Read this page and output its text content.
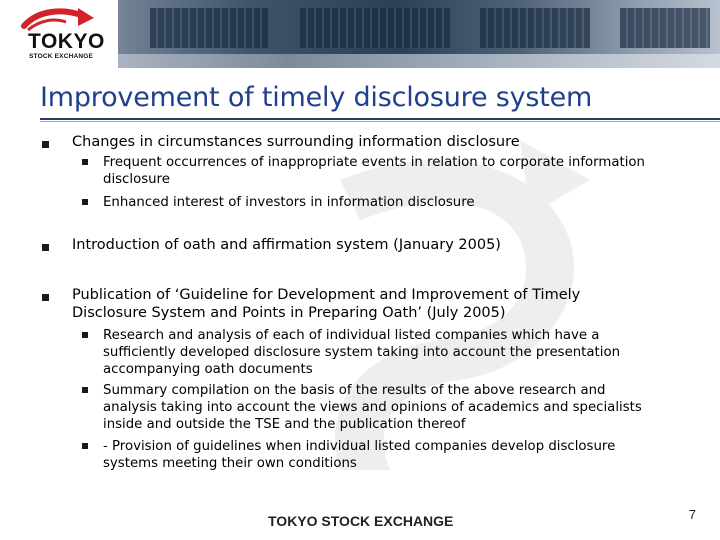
TOKYO
STOCK EXCHANGE
Improvement of timely disclosure system
Changes in circumstances surrounding information disclosure
Frequent occurrences of inappropriate events in relation to corporate information
disclosure
Enhanced interest of investors in information disclosure
Introduction of oath and affirmation system (January 2005)
Publication of ‘Guideline for Development and Improvement of Timely
Disclosure System and Points in Preparing Oath’ (July 2005)
Research and analysis of each of individual listed companies which have a
sufficiently developed disclosure system taking into account the presentation
accompanying oath documents
Summary compilation on the basis of the results of the above research and
analysis taking into account the views and opinions of academics and specialists
inside and outside the TSE and the publication thereof
- Provision of guidelines when individual listed companies develop disclosure
systems meeting their own conditions
TOKYO STOCK EXCHANGE	7
